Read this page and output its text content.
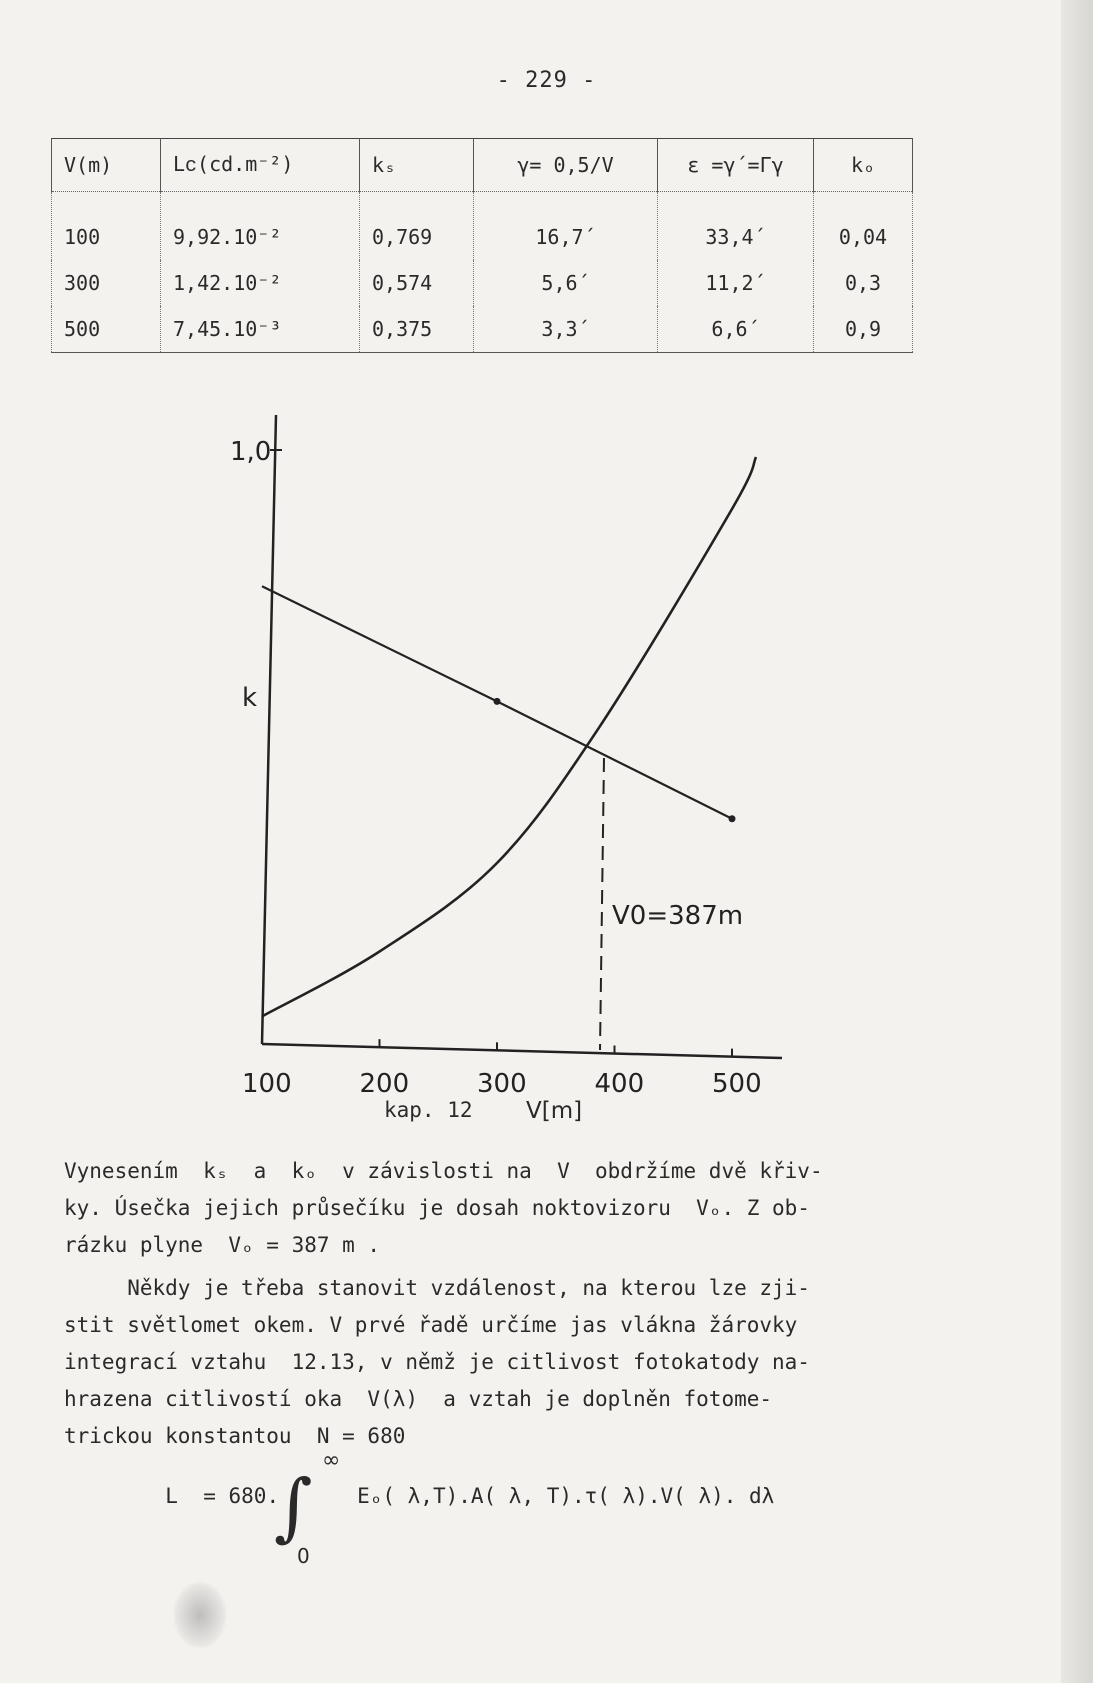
- 229 -
V(m)	Lᴄ(cd.m⁻²)	kₛ	γ= 0,5/V	ε =γ´=Γγ	kₒ
100	9,92.10⁻²	0,769	16,7´	33,4´	0,04
300	1,42.10⁻²	0,574	5,6´	11,2´	0,3
500	7,45.10⁻³	0,375	3,3´	6,6´	0,9
1,0
k
100	200	300	400	500
V0=387m
kap. 12 V[m]
Vynesením  kₛ  a  kₒ  v závislosti na  V  obdržíme dvě křiv-
ky. Úsečka jejich průsečíku je dosah noktovizoru  Vₒ. Z ob-
rázku plyne  Vₒ = 387 m .
Někdy je třeba stanovit vzdálenost, na kterou lze zji-
stit světlomet okem. V prvé řadě určíme jas vlákna žárovky
integrací vztahu  12.13, v němž je citlivost fotokatody na-
hrazena citlivostí oka  V(λ)  a vztah je doplněn fotome-
trickou konstantou  N = 680

L  = 680.	Eₒ( λ,T).A( λ, T).τ( λ).V( λ). dλ

∫
∞
0
